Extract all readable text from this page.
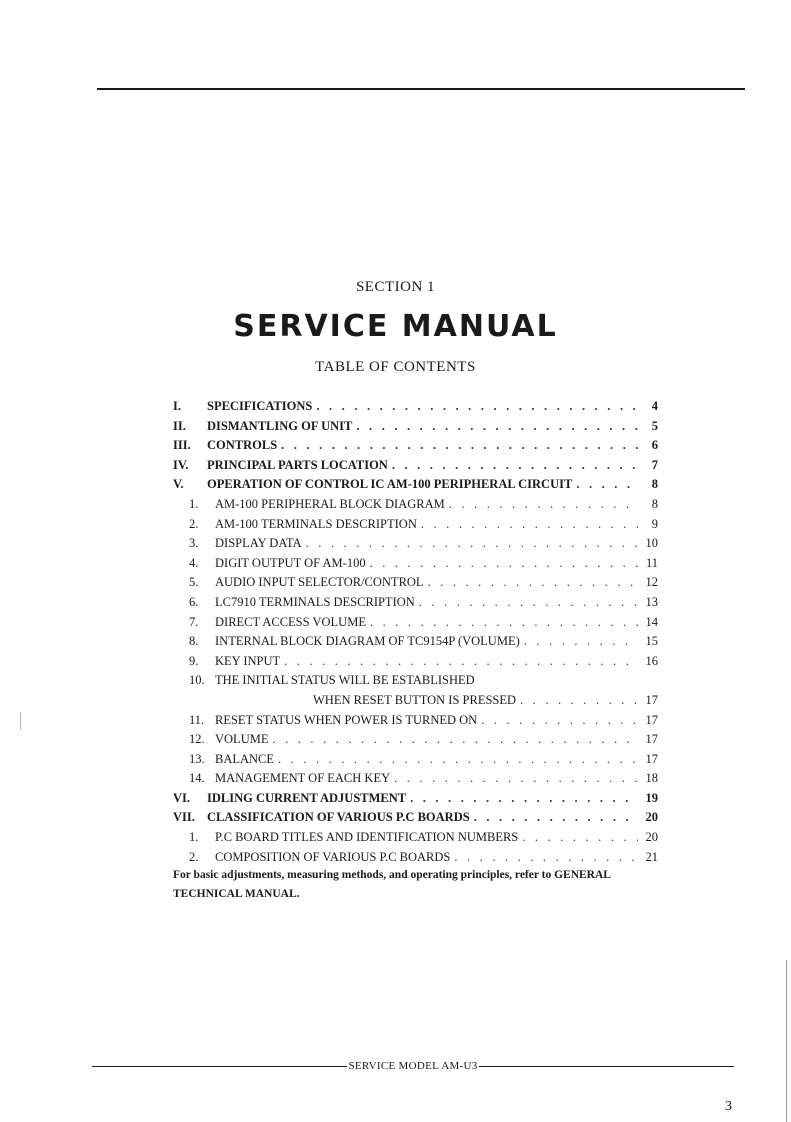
SECTION 1
SERVICE MANUAL
TABLE OF CONTENTS
I.	SPECIFICATIONS . . .	4
II.	DISMANTLING OF UNIT . . .	5
III.	CONTROLS . . .	6
IV.	PRINCIPAL PARTS LOCATION . . .	7
V.	OPERATION OF CONTROL IC AM-100 PERIPHERAL CIRCUIT . . .	8
1.	AM-100 PERIPHERAL BLOCK DIAGRAM . . .	8
2.	AM-100 TERMINALS DESCRIPTION . . .	9
3.	DISPLAY DATA . . .	10
4.	DIGIT OUTPUT OF AM-100 . . .	11
5.	AUDIO INPUT SELECTOR/CONTROL . . .	12
6.	LC7910 TERMINALS DESCRIPTION . . .	13
7.	DIRECT ACCESS VOLUME . . .	14
8.	INTERNAL BLOCK DIAGRAM OF TC9154P (VOLUME) . . .	15
9.	KEY INPUT . . .	16
10. THE INITIAL STATUS WILL BE ESTABLISHED
WHEN RESET BUTTON IS PRESSED . . .	17
11. RESET STATUS WHEN POWER IS TURNED ON . . .	17
12. VOLUME . . .	17
13. BALANCE . . .	17
14. MANAGEMENT OF EACH KEY . . .	18
VI.	IDLING CURRENT ADJUSTMENT . . .	19
VII. CLASSIFICATION OF VARIOUS P.C BOARDS . . .	20
1.	P.C BOARD TITLES AND IDENTIFICATION NUMBERS . . .	20
2.	COMPOSITION OF VARIOUS P.C BOARDS . . .	21
For basic adjustments, measuring methods, and operating principles, refer to GENERAL TECHNICAL MANUAL.
SERVICE MODEL AM-U3
3
